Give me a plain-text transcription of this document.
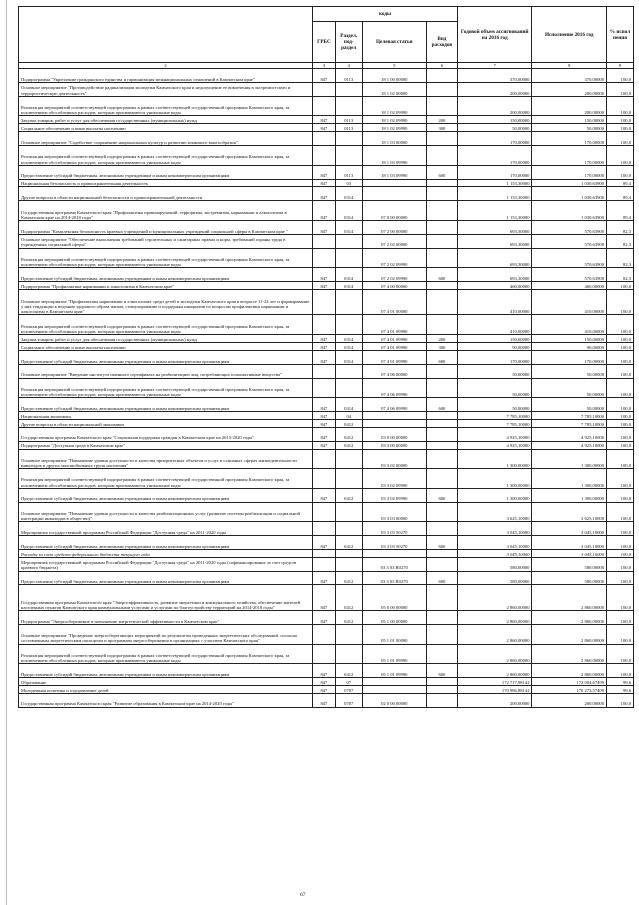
	коды				Годовой объем ассигнований на 2016 год	Исполнение 2016 год	% испол нения
	ГРБС	Раздел, под-раздел	Целевая статья	Вид расходов			
2	3	4	5	6	7	8	9
Подпрограмма "Укрепление гражданского единства и гармонизация межнациональных отношений в Камчатском крае"	847	0113	18 1 00 00000		370,00000	370,00000	100,0
Основное мероприятие "Противодействие радикализации молодежи Камчатского края и недопущение ее вовлечения в экстремистскую и террористическую деятельность"			18 1 02 00000		200,00000	200,00000	100,0
Реализация мероприятий соответствующей подпрограммы в рамках соответствующей государственной программы Камчатского края, за исключением обособленных расходов, которым присваиваются уникальные коды			18 1 02 09990		200,00000	200,00000	100,0
Закупка товаров, работ и услуг для обеспечения государственных (муниципальных) нужд	847	0113	18 1 02 09990	200	150,00000	150,00000	100,0
Социальное обеспечение и иные выплаты населению	847	0113	18 1 02 09990	300	50,00000	50,00000	100,0
Основное мероприятие "Содействие сохранению национальных культур и развитию языкового многообразия"			18 1 03 00000		170,00000	170,00000	100,0
Реализация мероприятий соответствующей подпрограммы в рамках соответствующей государственной программы Камчатского края, за исключением обособленных расходов, которым присваиваются уникальные коды			18 1 03 09990		170,00000	170,00000	100,0
Предоставление субсидий бюджетным, автономным учреждениям и иным некоммерческим организациям	847	0113	18 1 03 09990	600	170,00000	170,00000	100,0
Национальная безопасность и правоохранительная деятельность	847	03			1 153,30000	1 030,63900	89,4
Другие вопросы в области национальной безопасности и правоохранительной деятельности	847	0314			1 153,30000	1 030,63900	89,4
Государственная программа Камчатского края "Профилактика правонарушений, терроризма, экстремизма, наркомании и алкоголизма в Камчатском крае на 2014-2018 годы"	847	0314	07 0 00 00000		1 153,30000	1 030,63900	89,4
Подпрограмма "Комплексная безопасность краевых учреждений и муниципальных учреждений социальной сферы в Камчатском крае "	847	0314	07 2 00 00000		693,30000	570,63900	82,3
Основное мероприятие "Обеспечение выполнения требований строительных и санитарных правил и норм, требований охраны труда в учреждениях социальной сферы"			07 2 02 00000		693,30000	570,63900	82,3
Реализация мероприятий соответствующей подпрограммы в рамках соответствующей государственной программы Камчатского края, за исключением обособленных расходов, которым присваиваются уникальные коды			07 2 02 09990		693,30000	570,63900	82,3
Предоставление субсидий бюджетным, автономным учреждениям и иным некоммерческим организациям	847	0314	07 2 02 09990	600	693,30000	570,63900	82,3
Подпрограмма "Профилактика наркомании и алкоголизма в Камчатском крае"	847	0314	07 4 00 00000		460,00000	460,00000	100,0
Основное мероприятие "Профилактика наркомании и алкоголизма среди детей и молодежи Камчатского края в возрасте 11-24 лет и формирование у них тенденции к ведению здорового образа жизни, стимулирование и поддержка инициатив по вопросам профилактики наркомании и алкоголизма в Камчатском крае"			07 4 01 00000		410,00000	410,00000	100,0
Реализация мероприятий соответствующей подпрограммы в рамках соответствующей государственной программы Камчатского края, за исключением обособленных расходов, которым присваиваются уникальные коды			07 4 01 09990		410,00000	410,00000	100,0
Закупка товаров, работ и услуг для обеспечения государственных (муниципальных) нужд	847	0314	07 4 01 09990	200	150,00000	150,00000	100,0
Социальное обеспечение и иные выплаты населению	847	0314	07 4 01 09990	300	90,00000	90,00000	100,0
Предоставление субсидий бюджетным, автономным учреждениям и иным некоммерческим организациям	847	0314	07 4 01 09990	600	170,00000	170,00000	100,0
Основное мероприятие "Введение института именного сертификата на реабилитацию лиц, потребляющих психоактивные вещества"			07 4 06 00000		50,00000	50,00000	100,0
Реализация мероприятий соответствующей подпрограммы в рамках соответствующей государственной программы Камчатского края, за исключением обособленных расходов, которым присваиваются уникальные коды			07 4 06 09990		50,00000	50,00000	100,0
Предоставление субсидий бюджетным, автономным учреждениям и иным некоммерческим организациям	847	0314	07 4 06 09990	600	50,00000	50,00000	100,0
Национальная экономика	847	04			7 785,10000	7 785,10000	100,0
Другие вопросы в области национальной экономики	847	0412			7 785,10000	7 785,10000	100,0
Государственная программа Камчатского края "Социальная поддержка граждан в Камчатском крае на 2015-2020 годы"	847	0412	03 0 00 00000		4 925,10000	4 925,10000	100,0
Подпрограмма "Доступная среда в Камчатском крае"	847	0412	03 3 00 00000		4 925,10000	4 925,10000	100,0
Основное мероприятие "Повышение уровня доступности и качества приоритетных объектов и услуг в основных сферах жизнедеятельности инвалидов и других маломобильных групп населения"			03 3 02 00000		1 300,00000	1 300,00000	100,0
Реализация мероприятий соответствующей подпрограммы в рамках соответствующей государственной программы Камчатского края, за исключением обособленных расходов, которым присваиваются уникальные коды			03 3 02 09990		1 300,00000	1 300,00000	100,0
Предоставление субсидий бюджетным, автономным учреждениям и иным некоммерческим организациям	847	0412	03 3 02 09990	600	1 300,00000	1 300,00000	100,0
Основное мероприятие "Повышение уровня доступности и качества реабилитационных услуг (развитие системы реабилитации и социальной интеграции инвалидов в общество)"			03 3 03 00000		3 625,10000	3 625,10000	100,0
Мероприятия государственной программы Российской Федерации "Доступная среда" на 2011-2020 годы			03 3 03 50270		3 045,10000	3 045,10000	100,0
Предоставление субсидий бюджетным, автономным учреждениям и иным некоммерческим организациям	847	0412	03 3 03 50270	600	3 045,10000	3 045,10000	100,0
Расходы за счет средств федерального бюджета текущего года					3 045,10000	3 045,10000	100,0
Мероприятия государственной программы Российской Федерации "Доступная среда" на 2011-2020 годы (софинансирование за счет средств краевого бюджета)			03 3 03 R0270		580,00000	580,00000	100,0
Предоставление субсидий бюджетным, автономным учреждениям и иным некоммерческим организациям	847	0412	03 3 03 R0270	600	580,00000	580,00000	100,0
Государственная программа Камчатского края "Энергоэффективность, развитие энергетики и коммунального хозяйства, обеспечение жителей населенных пунктов Камчатского края коммунальными услугами и услугами по благоустройству территорий на 2014-2018 годы"	847	0412	05 0 00 00000		2 860,00000	2 860,00000	100,0
Подпрограмма "Энергосбережение и повышение энергетической эффективности в Камчатском крае"	847	0412	05 1 00 00000		2 860,00000	2 860,00000	100,0
Основное мероприятие "Проведение энергосберегающих мероприятий по результатам проведенных энергетических обследований, согласно составленным энергетическим паспортам и программам энергосбережения в организациях с участием Камчатского края"			05 1 01 00000		2 860,00000	2 860,00000	100,0
Реализация мероприятий соответствующей подпрограммы в рамках соответствующей государственной программы Камчатского края, за исключением обособленных расходов, которым присваиваются уникальные коды			05 1 01 09990		2 860,00000	2 860,00000	100,0
Предоставление субсидий бюджетным, автономным учреждениям и иным некоммерческим организациям	847	0412	05 1 01 09990	600	2 860,00000	2 860,00000	100,0
Образование	847	07			172 717,98142	172 004,67499	99,6
Молодежная политика и оздоровление детей	847	0707			170 986,88142	170 273,57409	99,6
Государственная программа Камчатского края "Развитие образования в Камчатском крае на 2014-2020 годы"	847	0707	02 0 00 00000		200,00000	200,00000	100,0
67
